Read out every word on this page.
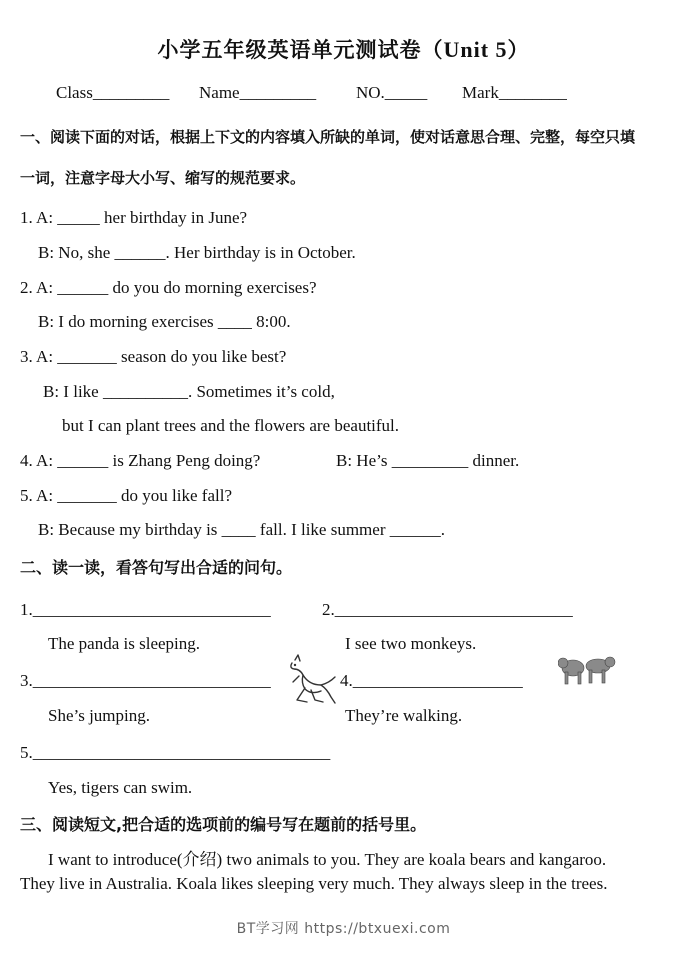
小学五年级英语单元测试卷（Unit 5）
Class_________ Name_________ NO._____ Mark________
一、阅读下面的对话，根据上下文的内容填入所缺的单词，使对话意思合理、完整，每空只填
一词，注意字母大小写、缩写的规范要求。
1. A: _____ her birthday in June?
B: No, she ______. Her birthday is in October.
2. A: ______ do you do morning exercises?
B: I do morning exercises ____ 8:00.
3. A: _______ season do you like best?
B: I like __________. Sometimes it’s cold,
but I can plant trees and the flowers are beautiful.
4. A: ______ is Zhang Peng doing?	B: He’s _________ dinner.
5. A: _______ do you like fall?
B: Because my birthday is ____ fall. I like summer ______.
二、读一读，看答句写出合适的问句。
1.____________________________	2.____________________________
The panda is sleeping.	I see two monkeys.
3.____________________________	4.____________________
She’s jumping.	They’re walking.
5.___________________________________
Yes, tigers can swim.
三、阅读短文,把合适的选项前的编号写在题前的括号里。
I want to introduce(介绍) two animals to you. They are koala bears and kangaroo.
They live in Australia. Koala likes sleeping very much. They always sleep in the trees.
BT学习网 https://btxuexi.com
